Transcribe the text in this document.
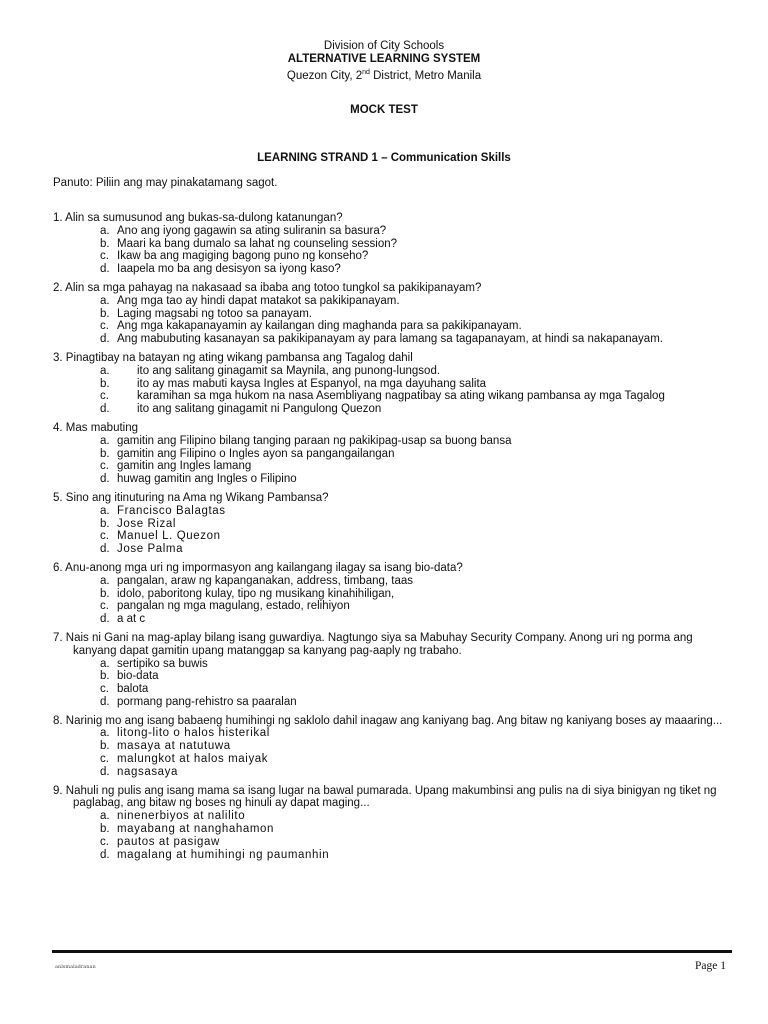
Division of City Schools
ALTERNATIVE LEARNING SYSTEM
Quezon City, 2nd District, Metro Manila
MOCK TEST
LEARNING STRAND 1 – Communication Skills
Panuto: Piliin ang may pinakatamang sagot.
1. Alin sa sumusunod ang bukas-sa-dulong katanungan?
a. Ano ang iyong gagawin sa ating suliranin sa basura?
b. Maari ka bang dumalo sa lahat ng counseling session?
c. Ikaw ba ang magiging bagong puno ng konseho?
d. Iaapela mo ba ang desisyon sa iyong kaso?
2. Alin sa mga pahayag na nakasaad sa ibaba ang totoo tungkol sa pakikipanayam?
a. Ang mga tao ay hindi dapat matakot sa pakikipanayam.
b. Laging magsabi ng totoo sa panayam.
c. Ang mga kakapanayamin ay kailangan ding maghanda para sa pakikipanayam.
d. Ang mabubuting kasanayan sa pakikipanayam ay para lamang sa tagapanayam, at hindi sa nakapanayam.
3. Pinagtibay na batayan ng ating wikang pambansa ang Tagalog dahil
a.	ito ang salitang ginagamit sa Maynila, ang punong-lungsod.
b.	ito ay mas mabuti kaysa Ingles at Espanyol, na mga dayuhang salita
c.	karamihan sa mga hukom na nasa Asembliyang nagpatibay sa ating wikang pambansa ay mga Tagalog
d.	ito ang salitang ginagamit ni Pangulong Quezon
4. Mas mabuting
a. gamitin ang Filipino bilang tanging paraan ng pakikipag-usap sa buong bansa
b. gamitin ang Filipino o Ingles ayon sa pangangailangan
c. gamitin ang Ingles lamang
d. huwag gamitin ang Ingles o Filipino
5. Sino ang itinuturing na Ama ng Wikang Pambansa?
a. Francisco Balagtas
b. Jose Rizal
c. Manuel L. Quezon
d. Jose Palma
6. Anu-anong mga uri ng impormasyon ang kailangang ilagay sa isang bio-data?
a. pangalan, araw ng kapanganakan, address, timbang, taas
b. idolo, paboritong kulay, tipo ng musikang kinahihiligan,
c. pangalan ng mga magulang, estado, relihiyon
d. a at c
7. Nais ni Gani na mag-aplay bilang isang guwardiya. Nagtungo siya sa Mabuhay Security Company. Anong uri ng porma ang kanyang dapat gamitin upang matanggap sa kanyang pag-aaply ng trabaho.
a. sertipiko sa buwis
b. bio-data
c. balota
d. pormang pang-rehistro sa paaralan
8. Narinig mo ang isang babaeng humihingi ng saklolo dahil inagaw ang kaniyang bag. Ang bitaw ng kaniyang boses ay maaaring...
a. litong-lito o halos histerikal
b. masaya at natutuwa
c. malungkot at halos maiyak
d. nagsasaya
9. Nahuli ng pulis ang isang mama sa isang lugar na bawal pumarada. Upang makumbinsi ang pulis na di siya binigyan ng tiket ng paglabag, ang bitaw ng boses ng hinuli ay dapat maging...
a. ninenerbiyos at nalilito
b. mayabang at nanghahamon
c. pautos at pasigaw
d. magalang at humihingi ng paumanhin
anlsmaladranan	Page 1
